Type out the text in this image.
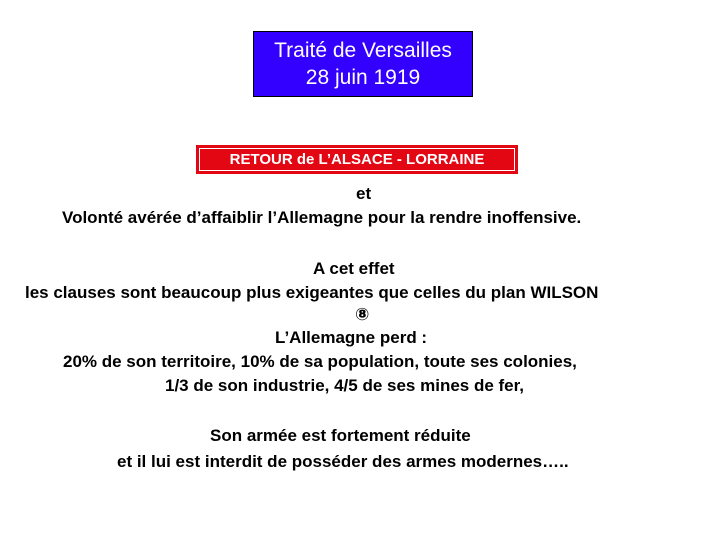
Traité de Versailles
28 juin 1919
RETOUR de L’ALSACE - LORRAINE
et
Volonté avérée d’affaiblir l’Allemagne pour la rendre inoffensive.
A cet effet
les clauses sont beaucoup plus exigeantes que celles du plan WILSON
⑧
L’Allemagne perd :
20% de son territoire, 10% de sa population, toute ses colonies,
1/3 de son industrie, 4/5 de ses mines de fer,
Son armée est fortement réduite
et il lui est interdit de posséder des armes modernes…..
